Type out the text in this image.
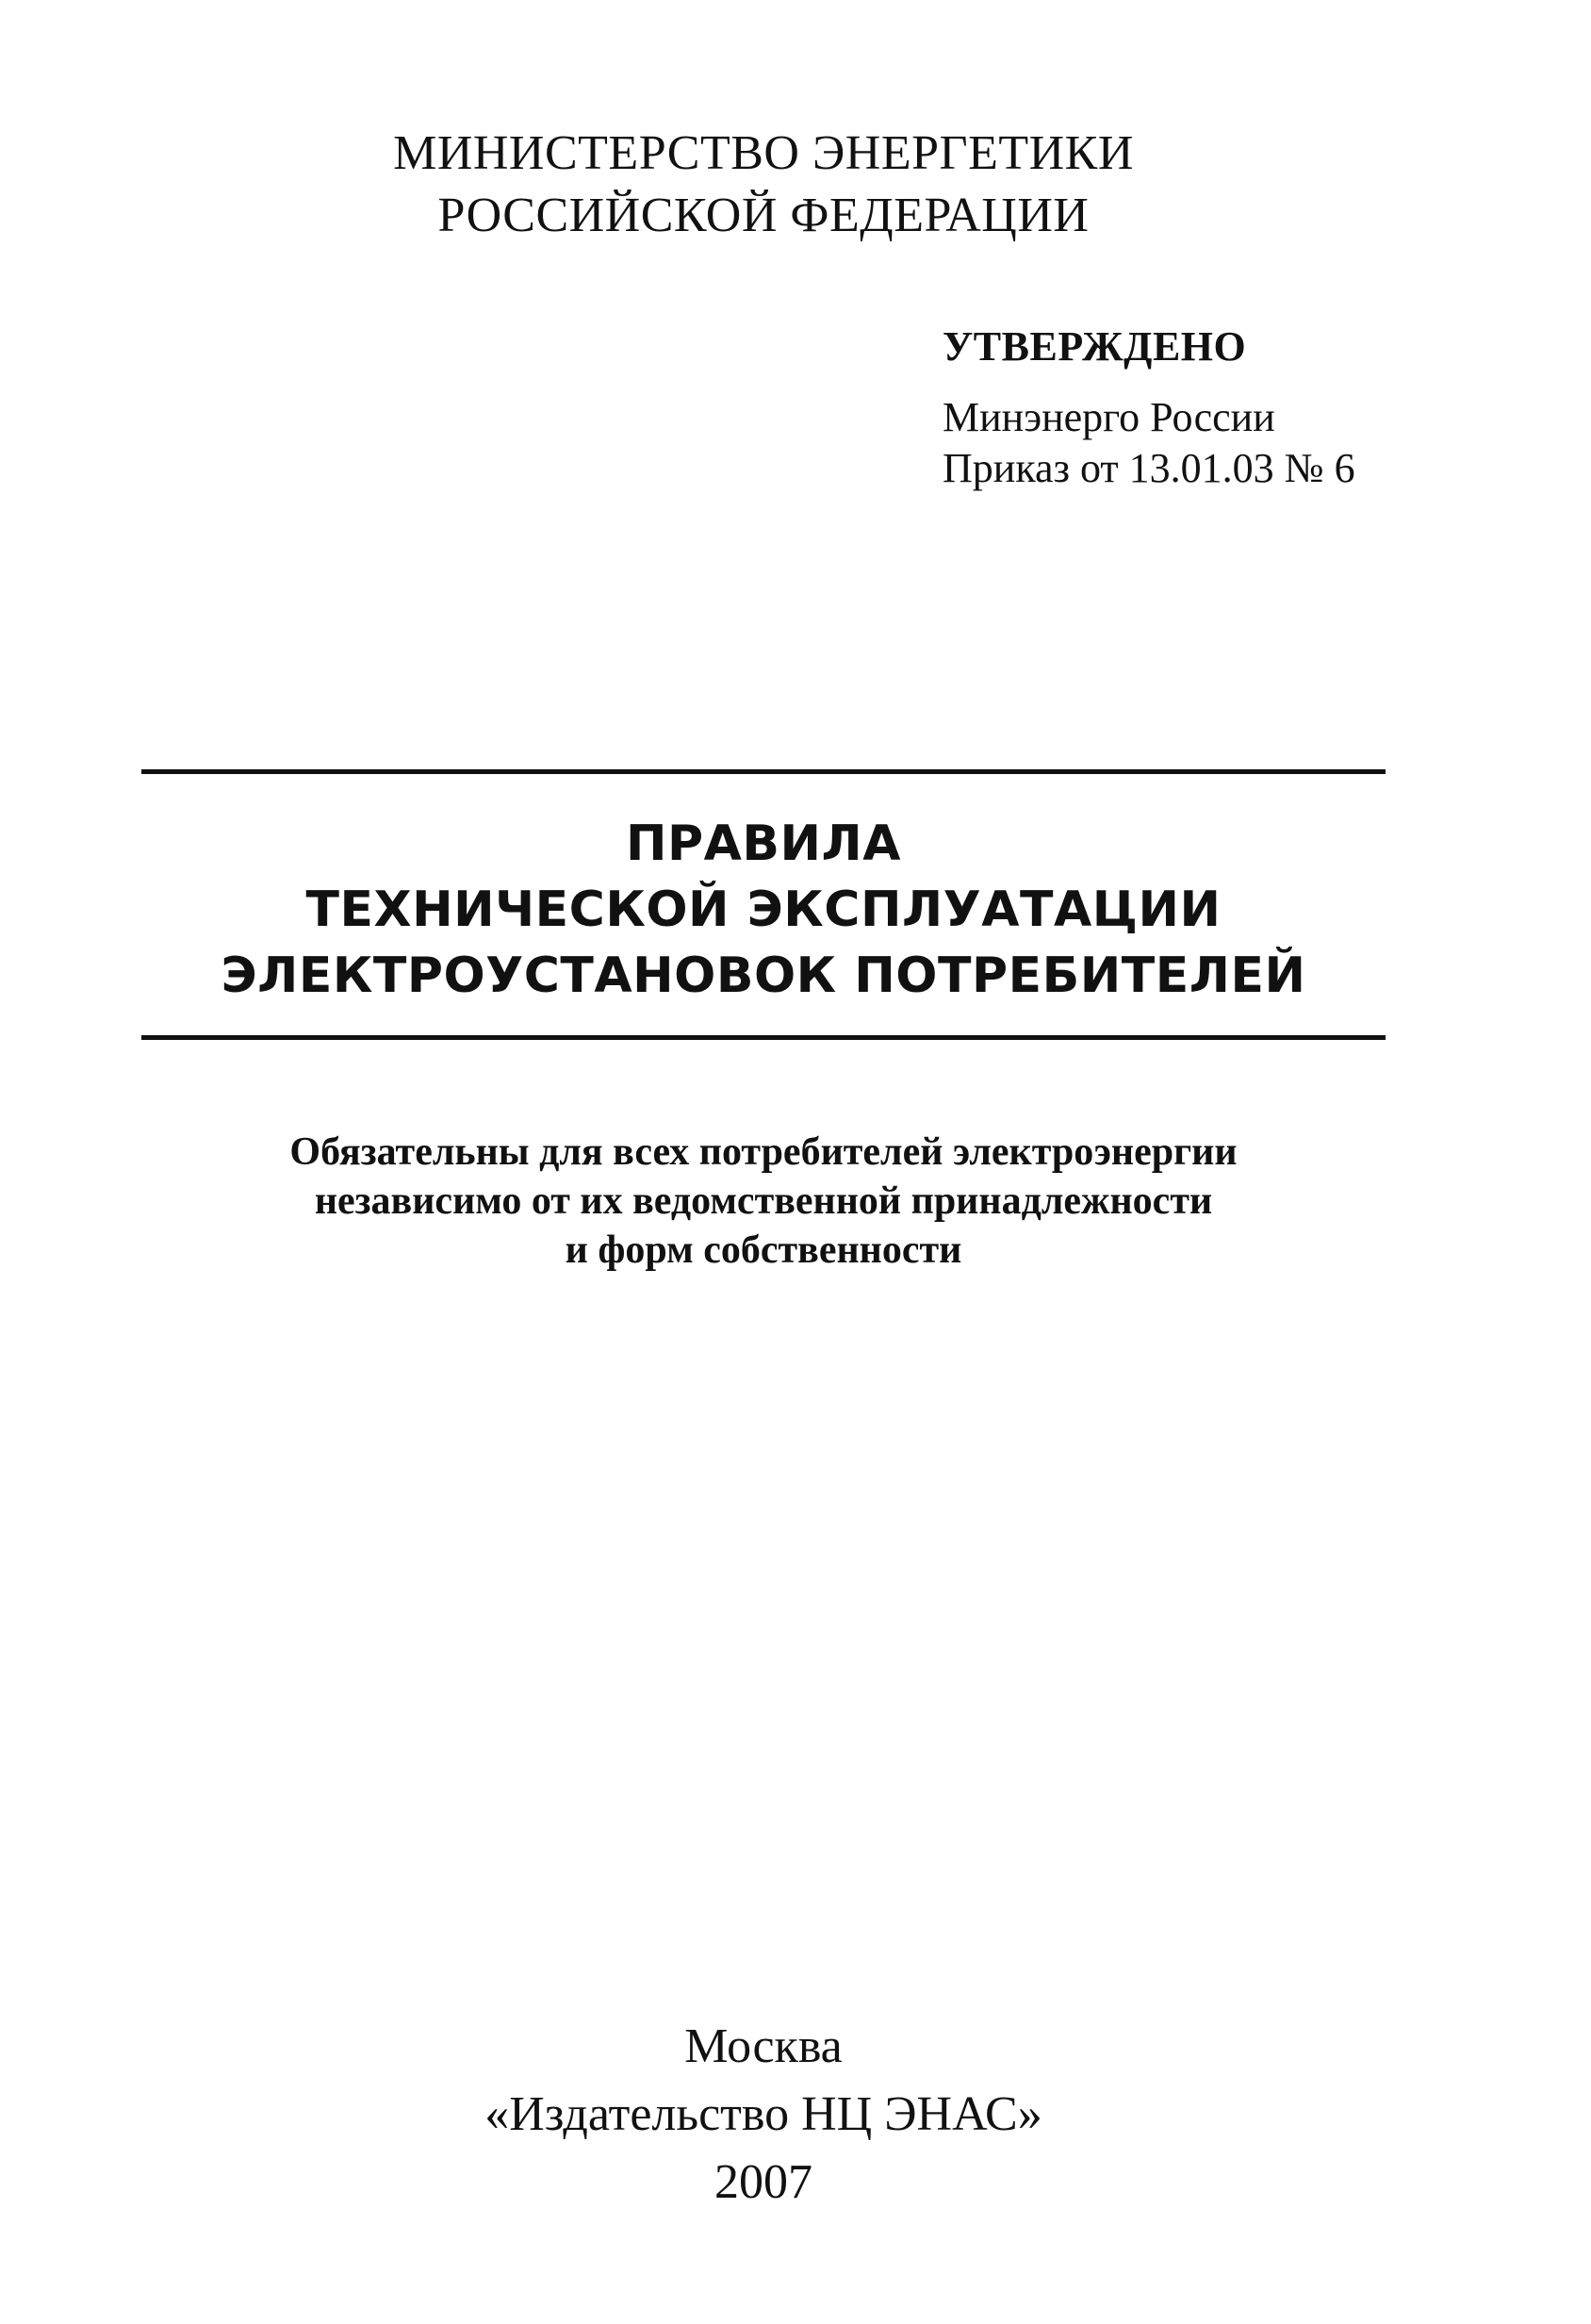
МИНИСТЕРСТВО ЭНЕРГЕТИКИ
РОССИЙСКОЙ ФЕДЕРАЦИИ
УТВЕРЖДЕНО
Минэнерго России
Приказ от 13.01.03 № 6
ПРАВИЛА
ТЕХНИЧЕСКОЙ ЭКСПЛУАТАЦИИ
ЭЛЕКТРОУСТАНОВОК ПОТРЕБИТЕЛЕЙ
Обязательны для всех потребителей электроэнергии
независимо от их ведомственной принадлежности
и форм собственности
Москва
«Издательство НЦ ЭНАС»
2007
